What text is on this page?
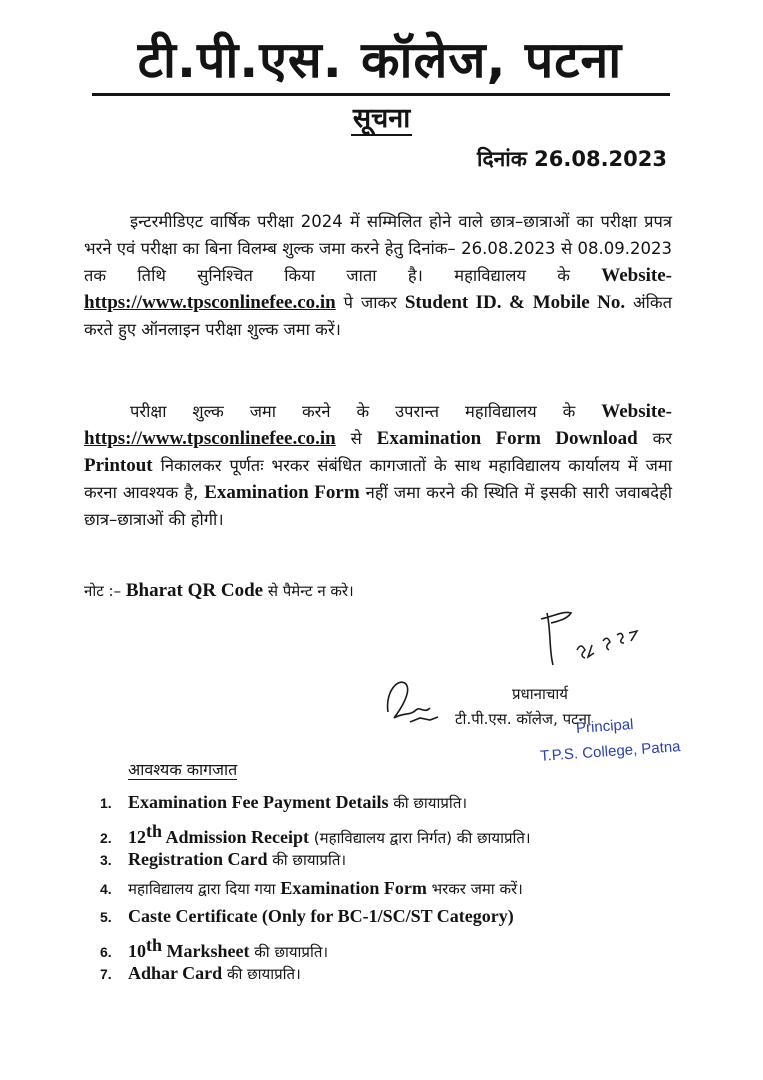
टी.पी.एस. कॉलेज, पटना
सूचना
दिनांक 26.08.2023
इन्टरमीडिएट वार्षिक परीक्षा 2024 में सम्मिलित होने वाले छात्र–छात्राओं का परीक्षा प्रपत्र भरने एवं परीक्षा का बिना विलम्ब शुल्क जमा करने हेतु दिनांक– 26.08.2023 से 08.09.2023 तक तिथि सुनिश्चित किया जाता है। महाविद्यालय के Website- https://www.tpsconlinefee.co.in पे जाकर Student ID. & Mobile No. अंकित करते हुए ऑनलाइन परीक्षा शुल्क जमा करें।
परीक्षा शुल्क जमा करने के उपरान्त महाविद्यालय के Website- https://www.tpsconlinefee.co.in से Examination Form Download कर Printout निकालकर पूर्णतः भरकर संबंधित कागजातों के साथ महाविद्यालय कार्यालय में जमा करना आवश्यक है, Examination Form नहीं जमा करने की स्थिति में इसकी सारी जवाबदेही छात्र–छात्राओं की होगी।
नोट :– Bharat QR Code से पैमेन्ट न करे।
प्रधानाचार्य
टी.पी.एस. कॉलेज, पटना
Principal
T.P.S. College, Patna
आवश्यक कागजात
1. Examination Fee Payment Details की छायाप्रति।
2. 12th Admission Receipt (महाविद्यालय द्वारा निर्गत) की छायाप्रति।
3. Registration Card की छायाप्रति।
4. महाविद्यालय द्वारा दिया गया Examination Form भरकर जमा करें।
5. Caste Certificate (Only for BC-1/SC/ST Category)
6. 10th Marksheet की छायाप्रति।
7. Adhar Card की छायाप्रति।
